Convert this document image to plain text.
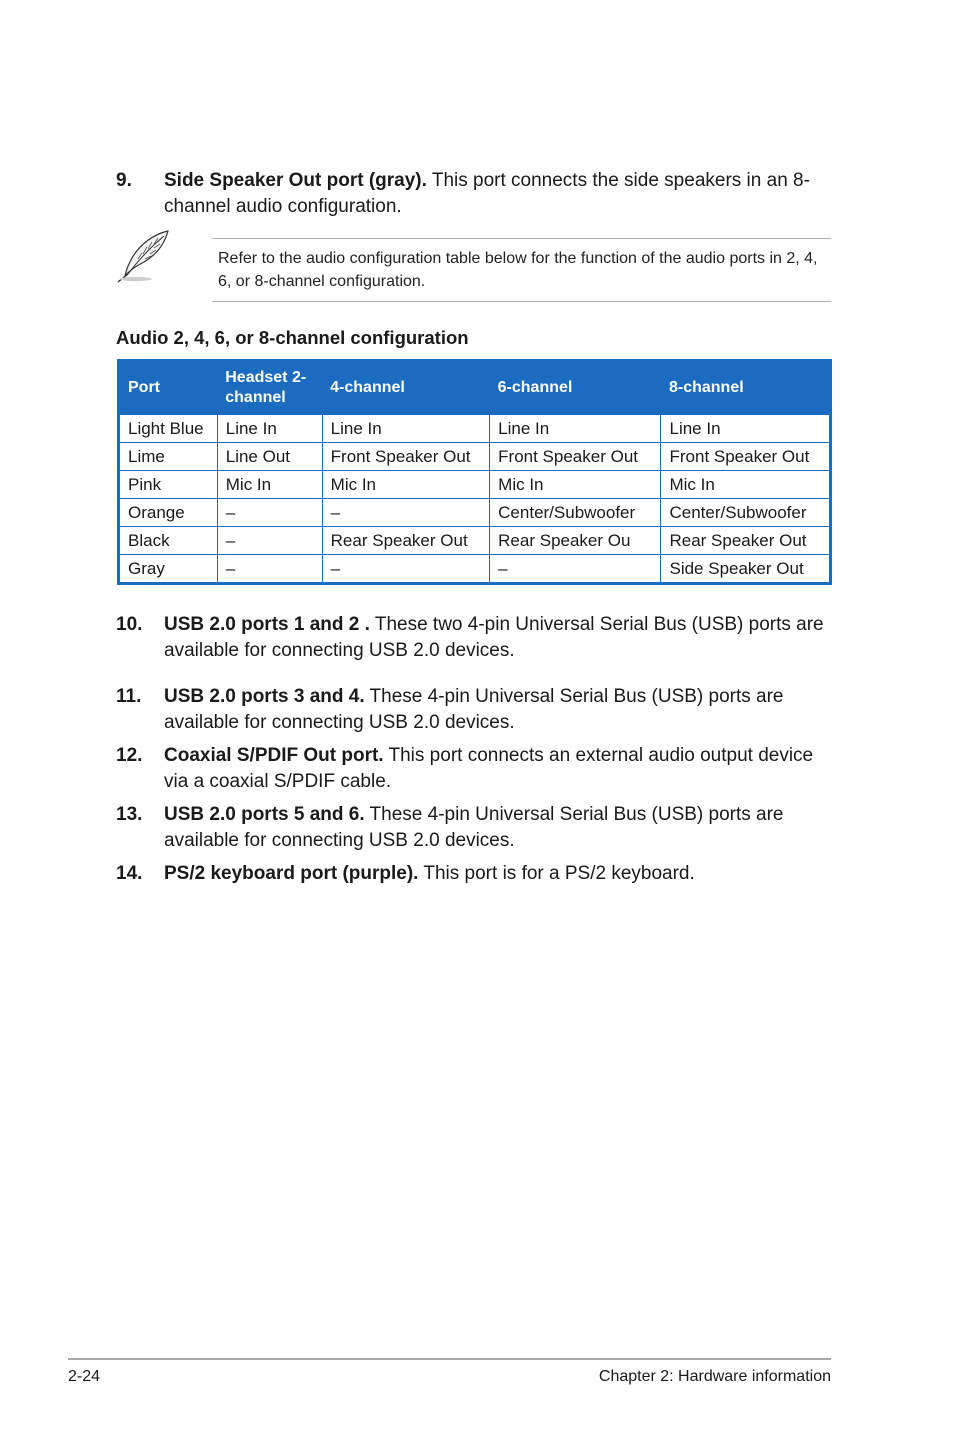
9. Side Speaker Out port (gray). This port connects the side speakers in an 8-channel audio configuration.
Refer to the audio configuration table below for the function of the audio ports in 2, 4, 6, or 8-channel configuration.
Audio 2, 4, 6, or 8-channel configuration
Port	Headset 2-channel	4-channel	6-channel	8-channel
Light Blue	Line In	Line In	Line In	Line In
Lime	Line Out	Front Speaker Out	Front Speaker Out	Front Speaker Out
Pink	Mic In	Mic In	Mic In	Mic In
Orange	–	–	Center/Subwoofer	Center/Subwoofer
Black	–	Rear Speaker Out	Rear Speaker Ou	Rear Speaker Out
Gray	–	–	–	Side Speaker Out
10. USB 2.0 ports 1 and 2 . These two 4-pin Universal Serial Bus (USB) ports are available for connecting USB 2.0 devices.
11. USB 2.0 ports 3 and 4. These 4-pin Universal Serial Bus (USB) ports are available for connecting USB 2.0 devices.
12. Coaxial S/PDIF Out port. This port connects an external audio output device via a coaxial S/PDIF cable.
13. USB 2.0 ports 5 and 6. These 4-pin Universal Serial Bus (USB) ports are available for connecting USB 2.0 devices.
14. PS/2 keyboard port (purple). This port is for a PS/2 keyboard.
2-24	Chapter 2: Hardware information
